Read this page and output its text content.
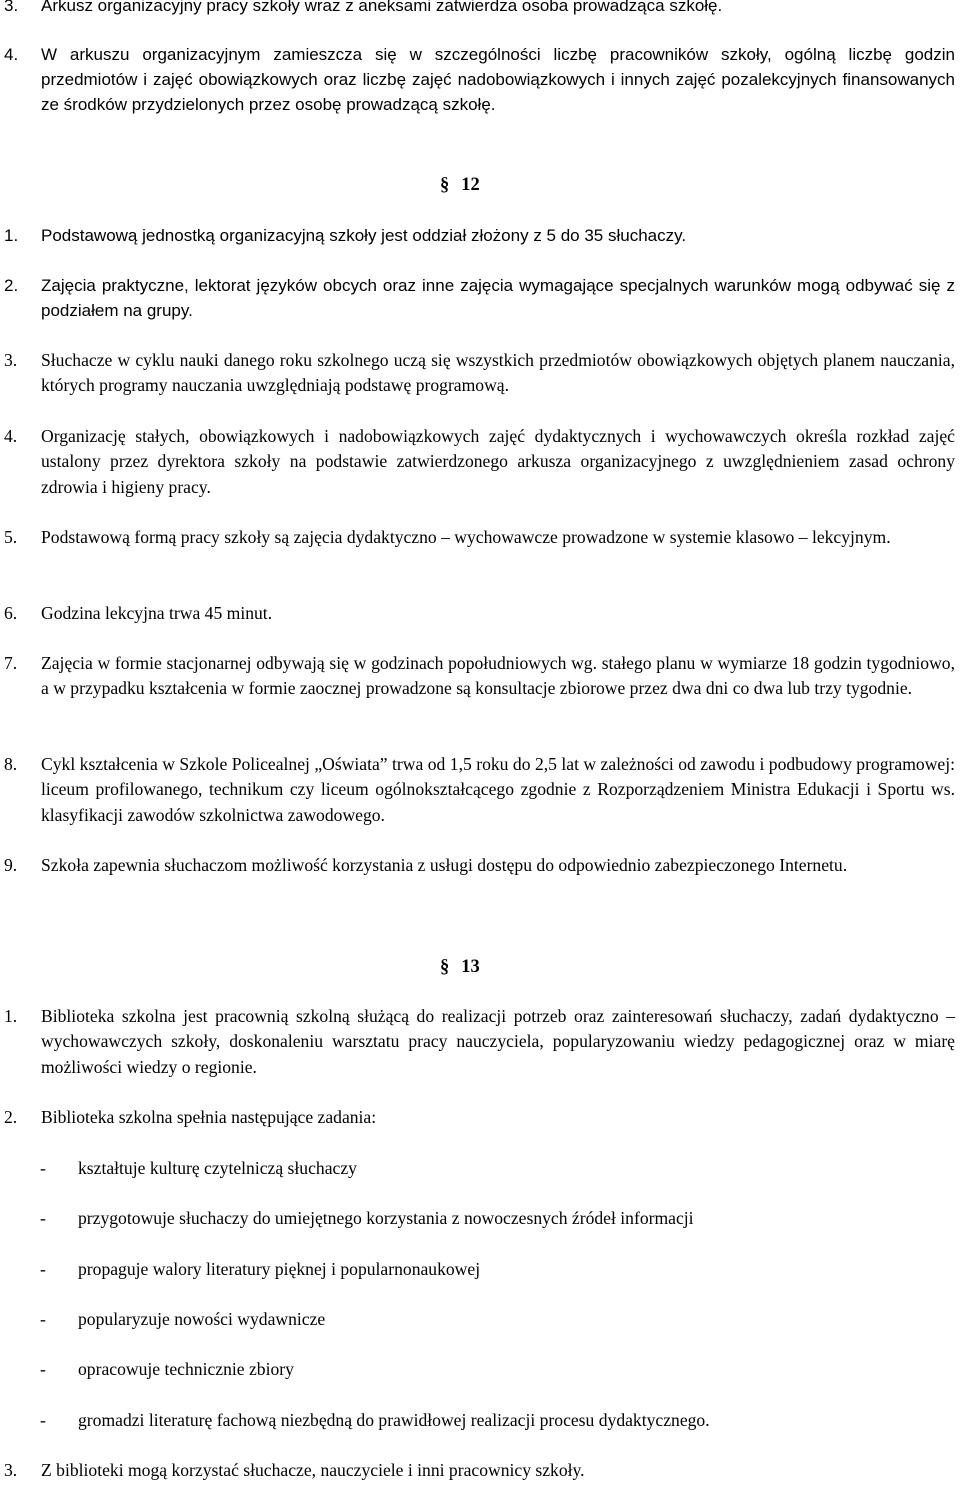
3.	Arkusz organizacyjny pracy szkoły wraz z aneksami zatwierdza osoba prowadząca szkołę.
4.	W arkuszu organizacyjnym zamieszcza się w szczególności liczbę pracowników szkoły, ogólną liczbę godzin przedmiotów i zajęć obowiązkowych oraz liczbę zajęć nadobowiązkowych i innych zajęć pozalekcyjnych finansowanych ze środków przydzielonych przez osobę prowadzącą szkołę.
§ 12
1.	Podstawową jednostką organizacyjną szkoły jest oddział złożony z 5 do 35 słuchaczy.
2.	Zajęcia praktyczne, lektorat języków obcych oraz inne zajęcia wymagające specjalnych warunków mogą odbywać się z podziałem na grupy.
3.	Słuchacze w cyklu nauki danego roku szkolnego uczą się wszystkich przedmiotów obowiązkowych objętych planem nauczania, których programy nauczania uwzględniają podstawę programową.
4.	Organizację stałych, obowiązkowych i nadobowiązkowych zajęć dydaktycznych i wychowawczych określa rozkład zajęć ustalony przez dyrektora szkoły na podstawie zatwierdzonego arkusza organizacyjnego z uwzględnieniem zasad ochrony zdrowia i higieny pracy.
5.	Podstawową formą pracy szkoły są zajęcia dydaktyczno – wychowawcze prowadzone w systemie klasowo – lekcyjnym.
6.	Godzina lekcyjna trwa 45 minut.
7.	Zajęcia w formie stacjonarnej odbywają się w godzinach popołudniowych wg. stałego planu w wymiarze 18 godzin tygodniowo, a w przypadku kształcenia w formie zaocznej prowadzone są konsultacje zbiorowe przez dwa dni co dwa lub trzy tygodnie.
8.	Cykl kształcenia w Szkole Policealnej „Oświata” trwa od 1,5 roku do 2,5 lat w zależności od zawodu i podbudowy programowej: liceum profilowanego, technikum czy liceum ogólnokształcącego zgodnie z Rozporządzeniem Ministra Edukacji i Sportu ws. klasyfikacji zawodów szkolnictwa zawodowego.
9.	Szkoła zapewnia słuchaczom możliwość korzystania z usługi dostępu do odpowiednio zabezpieczonego Internetu.
§ 13
1.	Biblioteka szkolna jest pracownią szkolną służącą do realizacji potrzeb oraz zainteresowań słuchaczy, zadań dydaktyczno – wychowawczych szkoły, doskonaleniu warsztatu pracy nauczyciela, popularyzowaniu wiedzy pedagogicznej oraz w miarę możliwości wiedzy o regionie.
2.	Biblioteka szkolna spełnia następujące zadania:
-	kształtuje kulturę czytelniczą słuchaczy
-	przygotowuje słuchaczy do umiejętnego korzystania z nowoczesnych źródeł informacji
-	propaguje walory literatury pięknej i popularnonaukowej
-	popularyzuje nowości wydawnicze
-	opracowuje technicznie zbiory
-	gromadzi literaturę fachową niezbędną do prawidłowej realizacji procesu dydaktycznego.
3.	Z biblioteki mogą korzystać słuchacze, nauczyciele i inni pracownicy szkoły.
